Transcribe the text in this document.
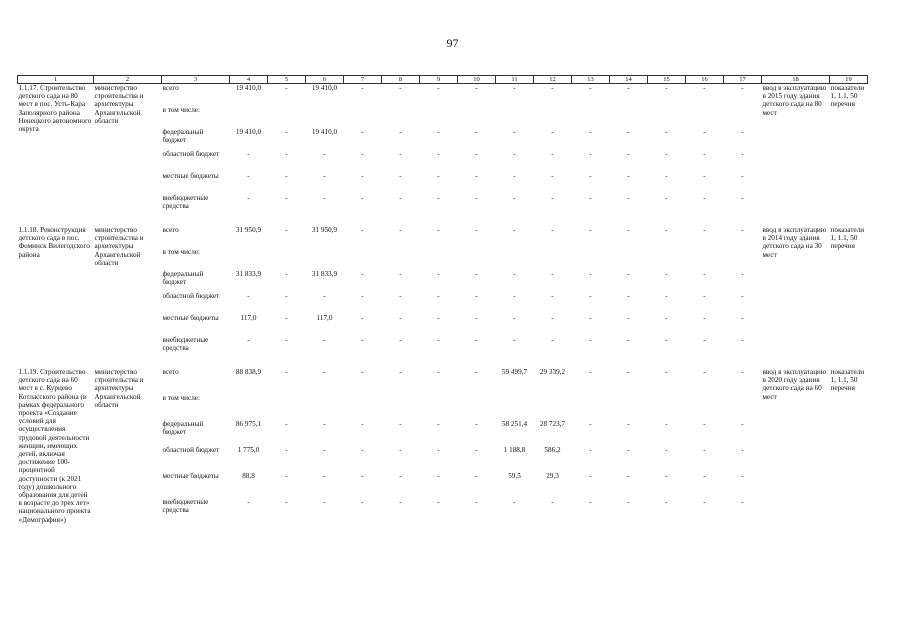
97
1	2	3	4	5	6	7	8	9	10	11	12	13	14	15	16	17	18	19
1.1.17. Строительство детского сада на 80 мест в пос. Усть-Кара Заполярного района Ненецкого автономного округа	министерство строительства и архитектуры Архангельской области	всего	19 410,0	-	19 410,0	-	-	-	-	-	-	-	-	-	-	-	ввод в эксплуатацию в 2015 году здания детского сада на 80 мест	показатели 1, 1.1, 50 перечня
		в том числе:																
		федеральный бюджет	19 410,0	-	19 410,0	-	-	-	-	-	-	-	-	-	-	-		
		областной бюджет	-	-	-	-	-	-	-	-	-	-	-	-	-	-		
		местные бюджеты	-	-	-	-	-	-	-	-	-	-	-	-	-	-		
		внебюджетные средства	-	-	-	-	-	-	-	-	-	-	-	-	-	-		

1.1.18. Реконструкция детского сада в пос. Фоминск Вилегодского района	министерство строительства и архитектуры Архангельской области	всего	31 950,9	-	31 950,9	-	-	-	-	-	-	-	-	-	-	-	ввод в эксплуатацию в 2014 году здания детского сада на 30 мест	показатели 1, 1.1, 50 перечня
		в том числе:																
		федеральный бюджет	31 833,9	-	31 833,9	-	-	-	-	-	-	-	-	-	-	-		
		областной бюджет	-	-	-	-	-	-	-	-	-	-	-	-	-	-		
		местные бюджеты	117,0	-	117,0	-	-	-	-	-	-	-	-	-	-	-		
		внебюджетные средства	-	-	-	-	-	-	-	-	-	-	-	-	-	-		

1.1.19. Строительство детского сада на 60 мест в с. Курцево Котласского района (в рамках федерального проекта «Создание условий для осуществления трудовой деятельности женщин, имеющих детей, включая достижение 100-процентной доступности (к 2021 году) дошкольного образования для детей в возрасте до трех лет» национального проекта «Демография»)	министерство строительства и архитектуры Архангельской области	всего	88 838,9	-	-	-	-	-	-	59 499,7	29 339,2	-	-	-	-	-	ввод в эксплуатацию в 2020 году здания детского сада на 60 мест	показатели 1, 1.1, 50 перечня
		в том числе:																
		федеральный бюджет	86 975,1	-	-	-	-	-	-	58 251,4	28 723,7	-	-	-	-	-		
		областной бюджет	1 775,0	-	-	-	-	-	-	1 188,8	586,2	-	-	-	-	-		
		местные бюджеты	88,8	-	-	-	-	-	-	59,5	29,3	-	-	-	-	-		
		внебюджетные средства	-	-	-	-	-	-	-	-	-	-	-	-	-	-		
